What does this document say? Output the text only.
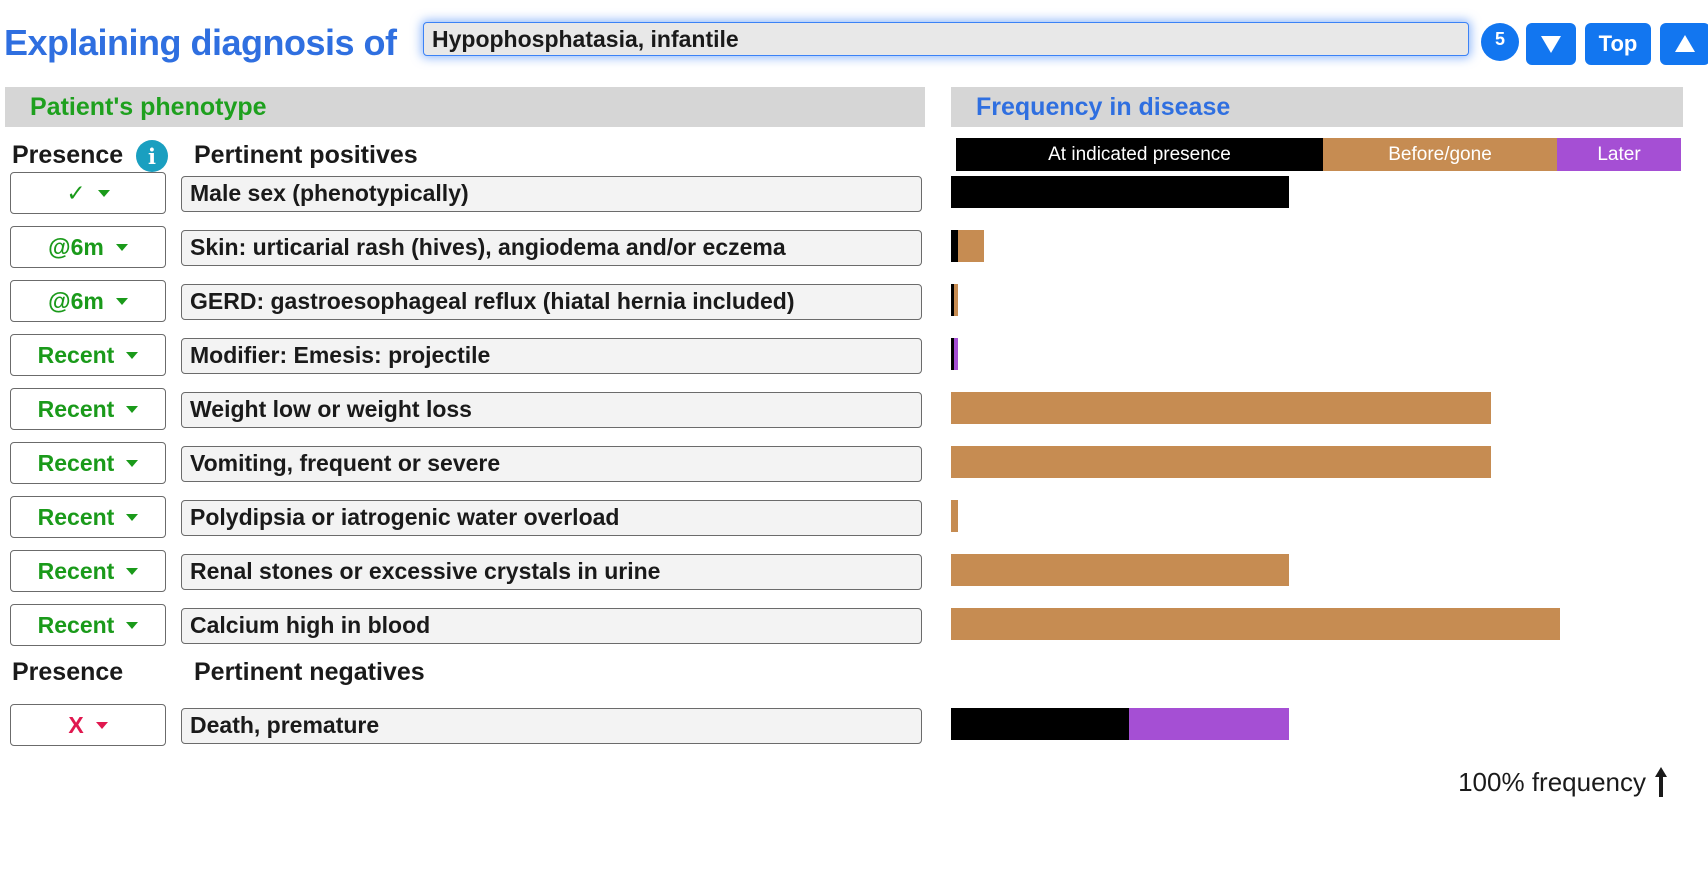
Explaining diagnosis of
Hypophosphatasia, infantile	5	Top
Patient's phenotype	Frequency in disease
Presence	i	Pertinent positives	At indicated presence	Before/gone	Later
✓	Male sex (phenotypically)
@6m	Skin: urticarial rash (hives), angiodema and/or eczema
@6m	GERD: gastroesophageal reflux (hiatal hernia included)
Recent	Modifier: Emesis: projectile
Recent	Weight low or weight loss
Recent	Vomiting, frequent or severe
Recent	Polydipsia or iatrogenic water overload
Recent	Renal stones or excessive crystals in urine
Recent	Calcium high in blood
Presence	Pertinent negatives
X	Death, premature
100% frequency
